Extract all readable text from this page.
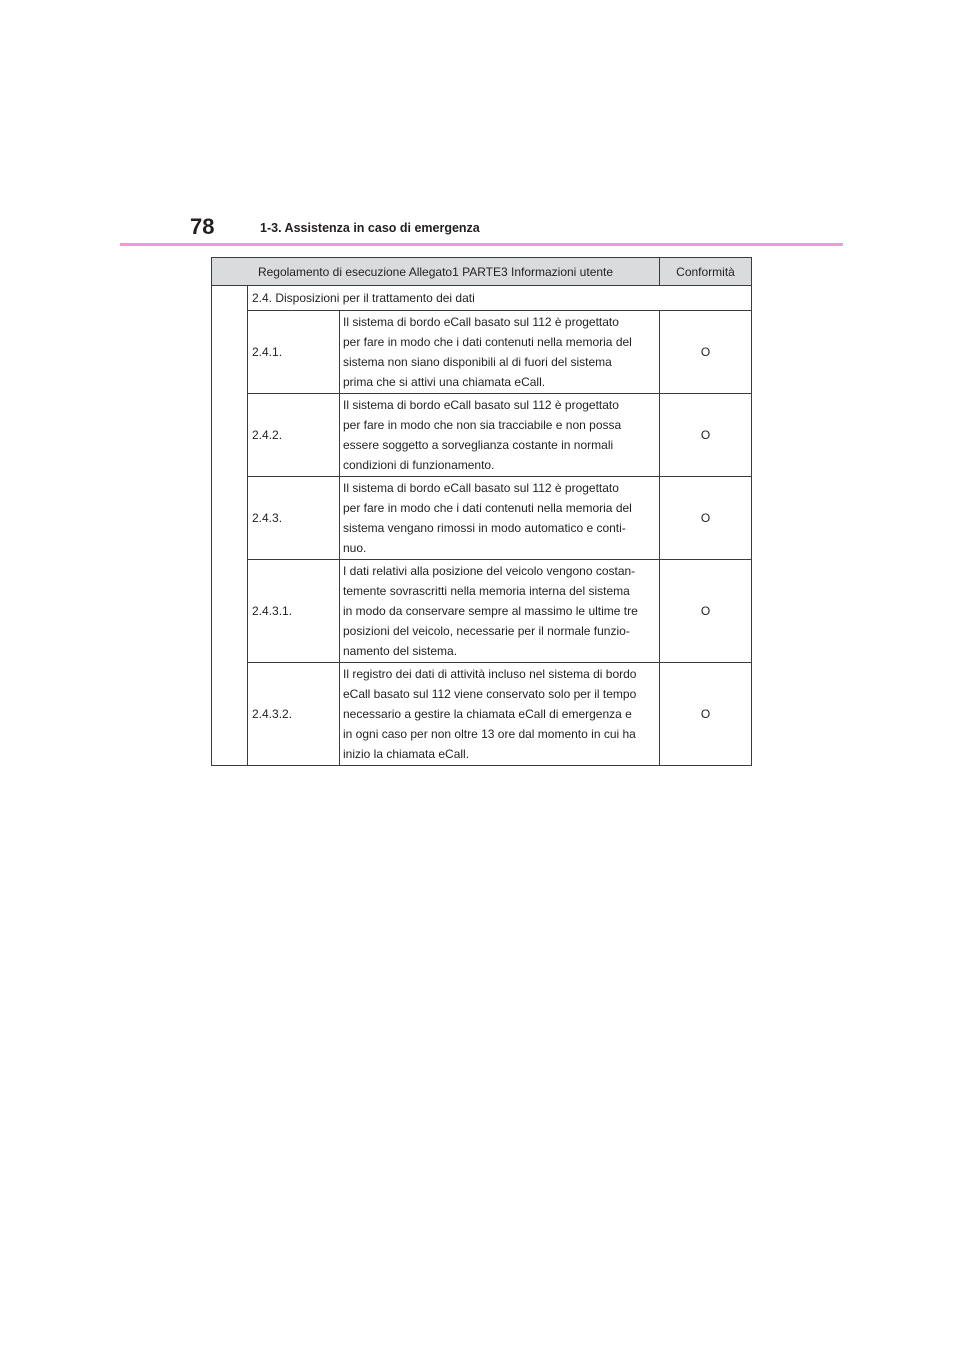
78	1-3. Assistenza in caso di emergenza
Regolamento di esecuzione Allegato1 PARTE3 Informazioni utente			Conformità
	2.4. Disposizioni per il trattamento dei dati		
	2.4.1.	Il sistema di bordo eCall basato sul 112 è progettato
per fare in modo che i dati contenuti nella memoria del
sistema non siano disponibili al di fuori del sistema
prima che si attivi una chiamata eCall.	O
	2.4.2.	Il sistema di bordo eCall basato sul 112 è progettato
per fare in modo che non sia tracciabile e non possa
essere soggetto a sorveglianza costante in normali
condizioni di funzionamento.	O
	2.4.3.	Il sistema di bordo eCall basato sul 112 è progettato
per fare in modo che i dati contenuti nella memoria del
sistema vengano rimossi in modo automatico e conti-
nuo.	O
	2.4.3.1.	I dati relativi alla posizione del veicolo vengono costan-
temente sovrascritti nella memoria interna del sistema
in modo da conservare sempre al massimo le ultime tre
posizioni del veicolo, necessarie per il normale funzio-
namento del sistema.	O
	2.4.3.2.	Il registro dei dati di attività incluso nel sistema di bordo
eCall basato sul 112 viene conservato solo per il tempo
necessario a gestire la chiamata eCall di emergenza e
in ogni caso per non oltre 13 ore dal momento in cui ha
inizio la chiamata eCall.	O
